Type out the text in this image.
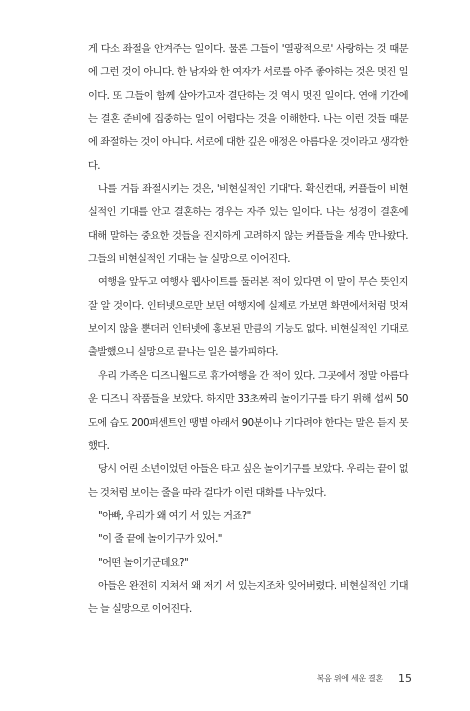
게 다소 좌절을 안겨주는 일이다. 물론 그들이 '열광적으로' 사랑하는 것 때문에 그런 것이 아니다. 한 남자와 한 여자가 서로를 아주 좋아하는 것은 멋진 일이다. 또 그들이 함께 살아가고자 결단하는 것 역시 멋진 일이다. 연애 기간에는 결혼 준비에 집중하는 일이 어렵다는 것을 이해한다. 나는 이런 것들 때문에 좌절하는 것이 아니다. 서로에 대한 깊은 애정은 아름다운 것이라고 생각한다.

나를 거듭 좌절시키는 것은, '비현실적인 기대'다. 확신컨대, 커플들이 비현실적인 기대를 안고 결혼하는 경우는 자주 있는 일이다. 나는 성경이 결혼에 대해 말하는 중요한 것들을 진지하게 고려하지 않는 커플들을 계속 만나왔다. 그들의 비현실적인 기대는 늘 실망으로 이어진다.

여행을 앞두고 여행사 웹사이트를 둘러본 적이 있다면 이 말이 무슨 뜻인지 잘 알 것이다. 인터넷으로만 보던 여행지에 실제로 가보면 화면에서처럼 멋져 보이지 않을 뿐더러 인터넷에 홍보된 만큼의 기능도 없다. 비현실적인 기대로 출발했으니 실망으로 끝나는 일은 불가피하다.

우리 가족은 디즈니월드로 휴가여행을 간 적이 있다. 그곳에서 정말 아름다운 디즈니 작품들을 보았다. 하지만 33초짜리 놀이기구를 타기 위해 섭씨 50도에 습도 200퍼센트인 땡볕 아래서 90분이나 기다려야 한다는 말은 듣지 못했다.

당시 어린 소년이었던 아들은 타고 싶은 놀이기구를 보았다. 우리는 끝이 없는 것처럼 보이는 줄을 따라 걸다가 이런 대화를 나누었다.

"아빠, 우리가 왜 여기 서 있는 거죠?"

"이 줄 끝에 놀이기구가 있어."

"어떤 놀이기군데요?"

아들은 완전히 지쳐서 왜 저기 서 있는지조차 잊어버렸다. 비현실적인 기대는 늘 실망으로 이어진다.

복음 위에 세운 결혼 15
